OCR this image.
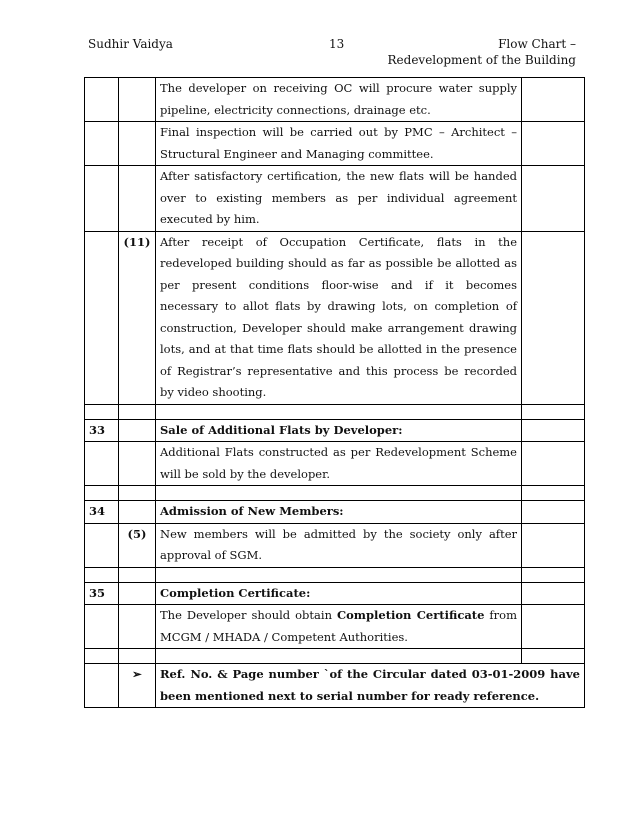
Sudhir Vaidya	13	Flow Chart –
Redevelopment of the Building
		The developer on receiving OC will procure water supply pipeline, electricity connections, drainage etc.	
		Final inspection will be carried out by PMC – Architect – Structural Engineer and Managing committee.	
		After satisfactory certification, the new flats will be handed over to existing members as per individual agreement executed by him.	
	(11)	After receipt of Occupation Certificate, flats in the redeveloped building should as far as possible be allotted as per present conditions floor-wise and if it becomes necessary to allot flats by drawing lots, on completion of construction, Developer should make arrangement drawing lots, and at that time flats should be allotted in the presence of Registrar’s representative and this process be recorded by video shooting.	

33		Sale of Additional Flats by Developer:	
		Additional Flats constructed as per Redevelopment Scheme will be sold by the developer.	

34		Admission of New Members:	
	(5)	New members will be admitted by the society only after approval of SGM.	

35		Completion Certificate:	
		The Developer should obtain Completion Certificate from MCGM / MHADA / Competent Authorities.	

	➢	Ref. No. & Page number `of the Circular dated 03-01-2009 have been mentioned next to serial number for ready reference.	
